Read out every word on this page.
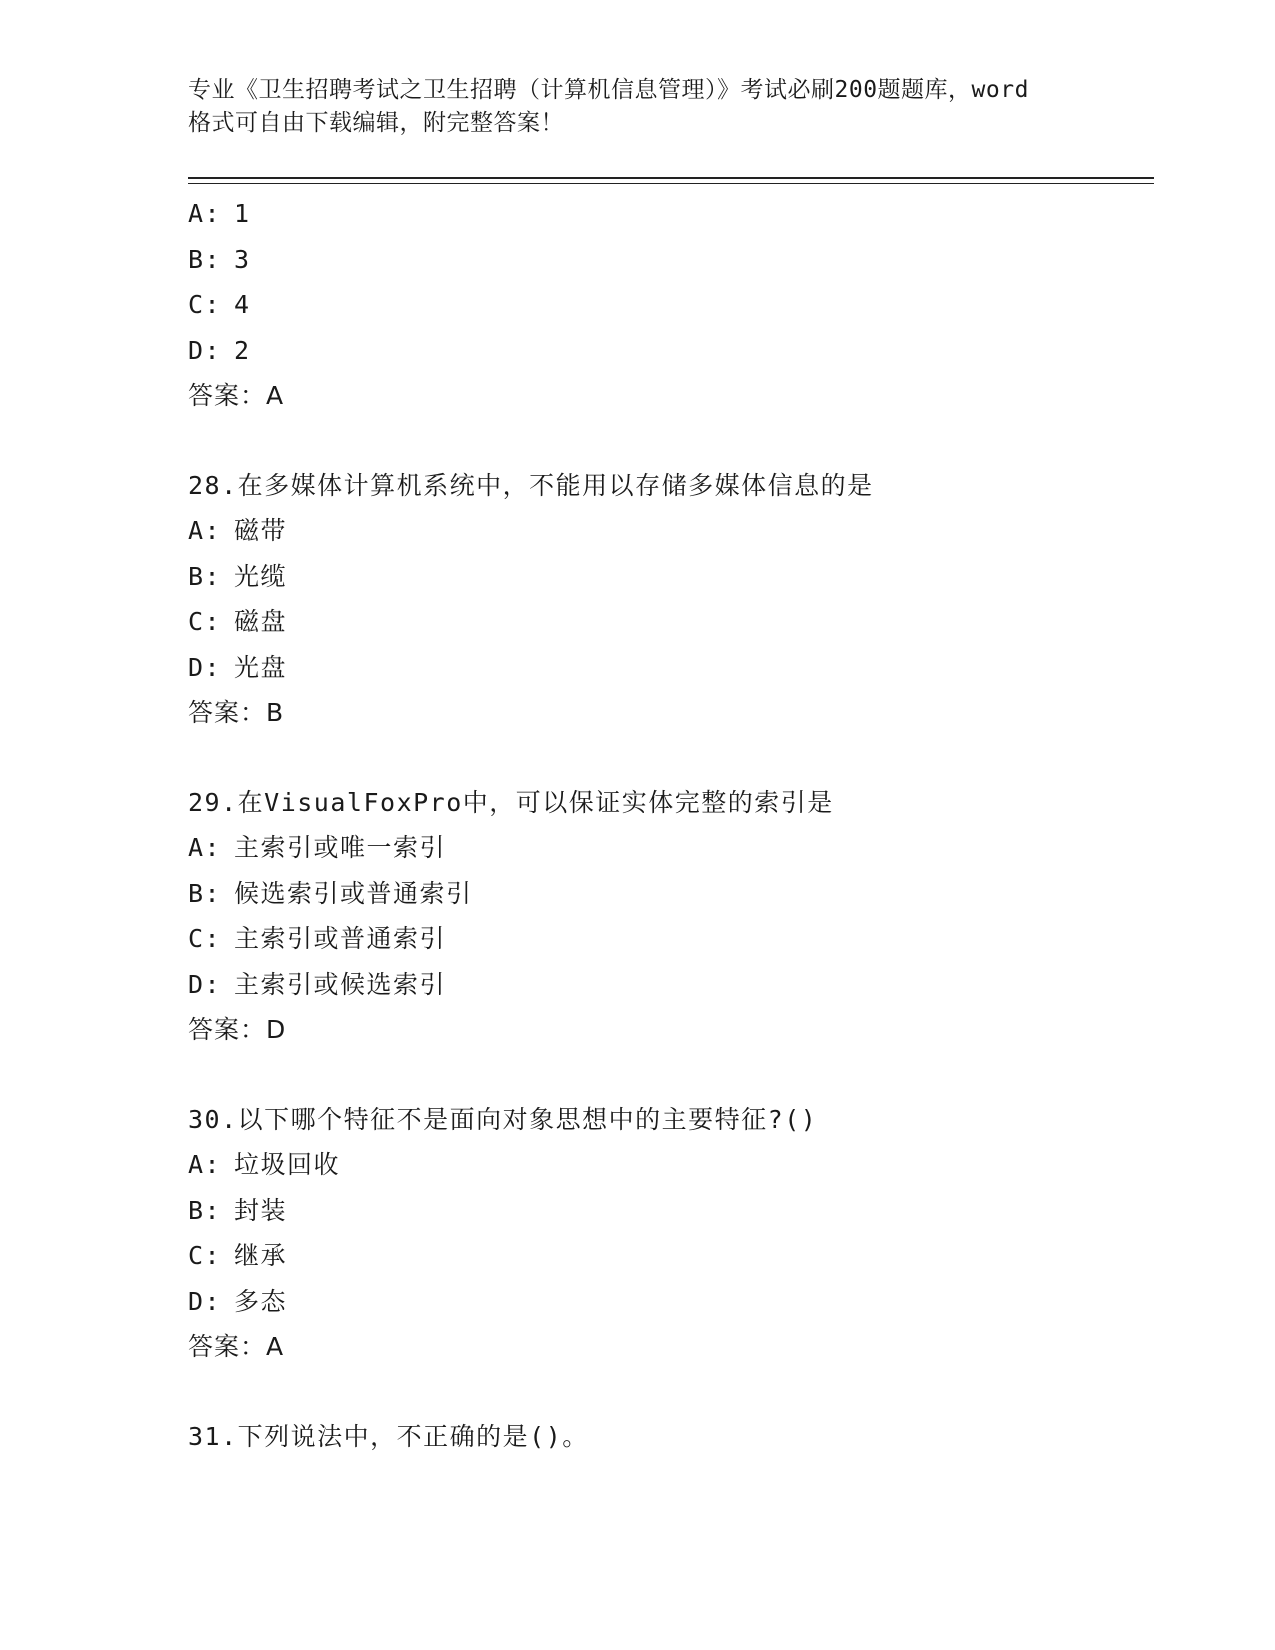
专业《卫生招聘考试之卫生招聘（计算机信息管理）》考试必刷200题题库，word
格式可自由下载编辑，附完整答案！
A: 1
B: 3
C: 4
D: 2
答案：A
28.在多媒体计算机系统中，不能用以存储多媒体信息的是
A: 磁带
B: 光缆
C: 磁盘
D: 光盘
答案：B
29.在VisualFoxPro中，可以保证实体完整的索引是
A: 主索引或唯一索引
B: 候选索引或普通索引
C: 主索引或普通索引
D: 主索引或候选索引
答案：D
30.以下哪个特征不是面向对象思想中的主要特征?()
A: 垃圾回收
B: 封装
C: 继承
D: 多态
答案：A
31.下列说法中，不正确的是()。
